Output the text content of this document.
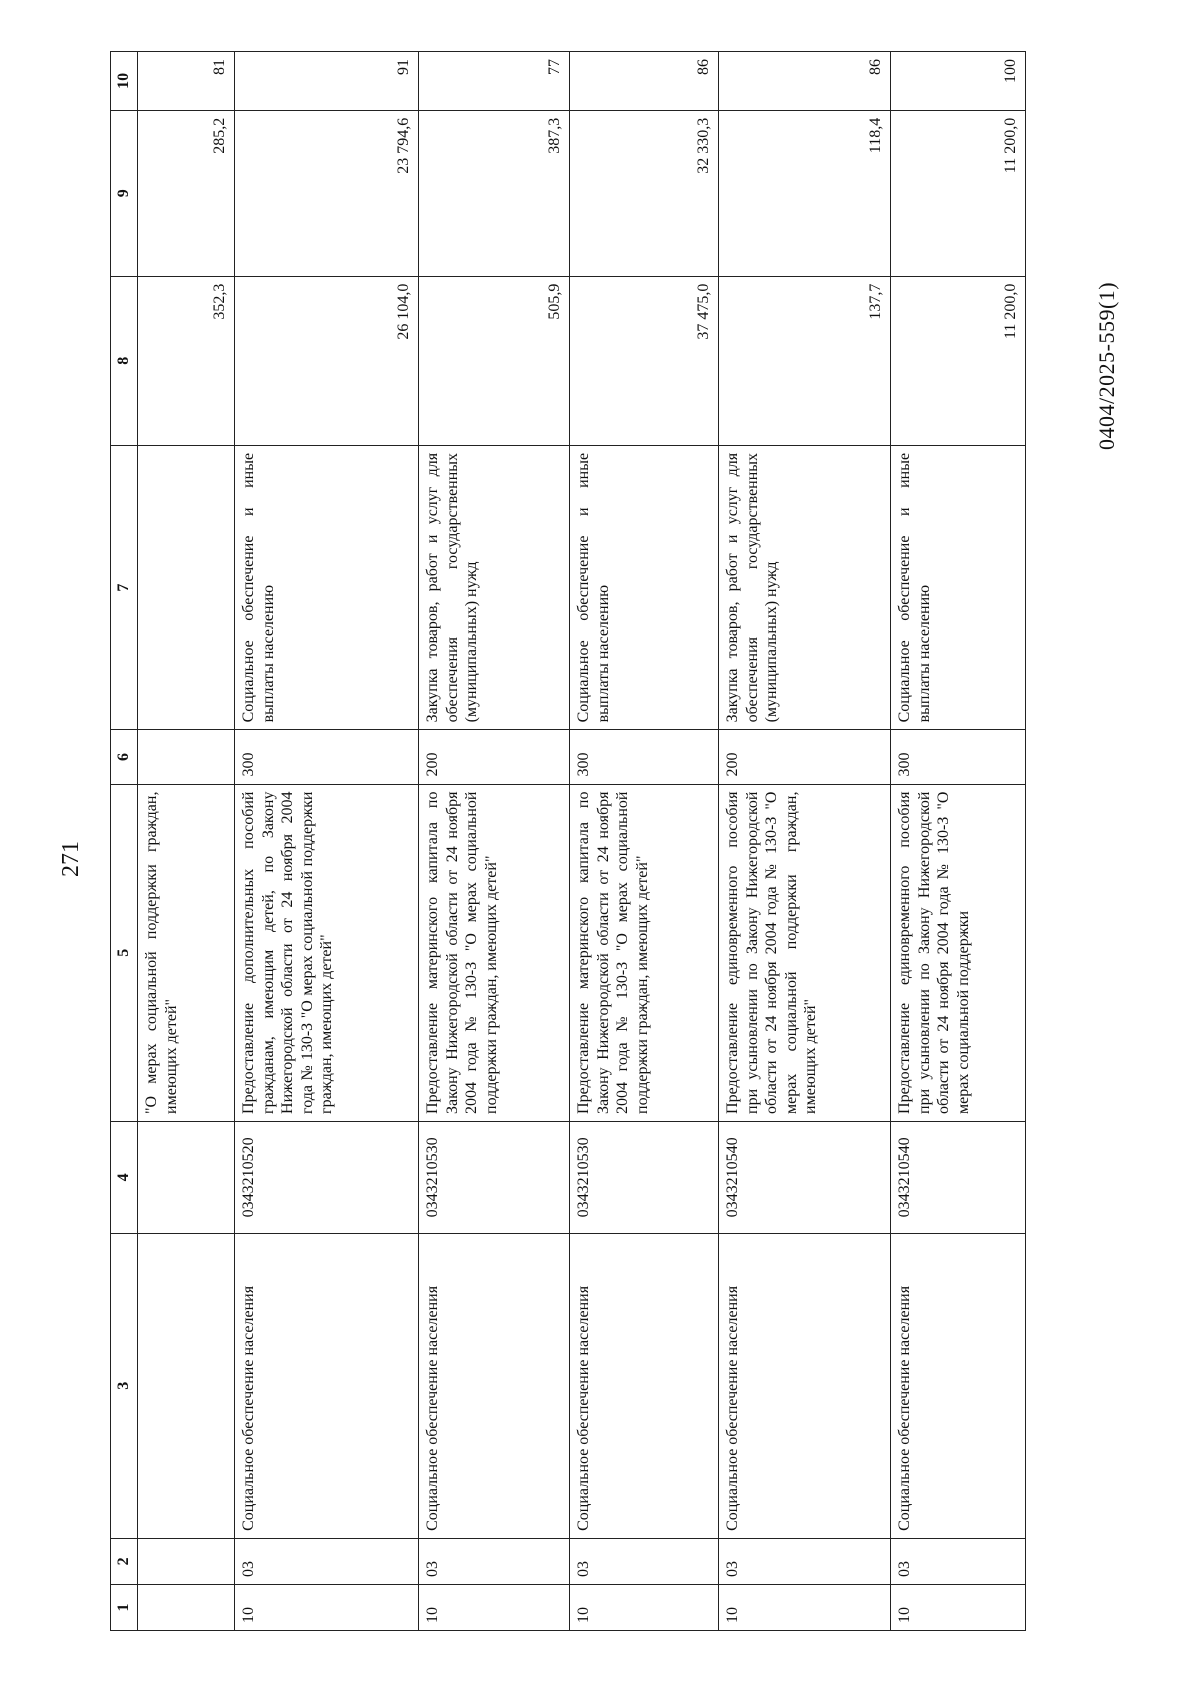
271
1	2	3	4	5	6	7	8	9	10
				"О мерах социальной поддержки граждан, имеющих детей"			352,3	285,2	81
10	03	Социальное обеспечение населения	0343210520	Предоставление дополнительных пособий гражданам, имеющим детей, по Закону Нижегородской области от 24 ноября 2004 года № 130-З "О мерах социальной поддержки граждан, имеющих детей"	300	Социальное обеспечение и иные выплаты населению	26 104,0	23 794,6	91
10	03	Социальное обеспечение населения	0343210530	Предоставление материнского капитала по Закону Нижегородской области от 24 ноября 2004 года № 130-З "О мерах социальной поддержки граждан, имеющих детей"	200	Закупка товаров, работ и услуг для обеспечения государственных (муниципальных) нужд	505,9	387,3	77
10	03	Социальное обеспечение населения	0343210530	Предоставление материнского капитала по Закону Нижегородской области от 24 ноября 2004 года № 130-З "О мерах социальной поддержки граждан, имеющих детей"	300	Социальное обеспечение и иные выплаты населению	37 475,0	32 330,3	86
10	03	Социальное обеспечение населения	0343210540	Предоставление единовременного пособия при усыновлении по Закону Нижегородской области от 24 ноября 2004 года № 130-З "О мерах социальной поддержки граждан, имеющих детей"	200	Закупка товаров, работ и услуг для обеспечения государственных (муниципальных) нужд	137,7	118,4	86
10	03	Социальное обеспечение населения	0343210540	Предоставление единовременного пособия при усыновлении по Закону Нижегородской области от 24 ноября 2004 года № 130-З "О мерах социальной поддержки	300	Социальное обеспечение и иные выплаты населению	11 200,0	11 200,0	100
0404/2025-559(1)
